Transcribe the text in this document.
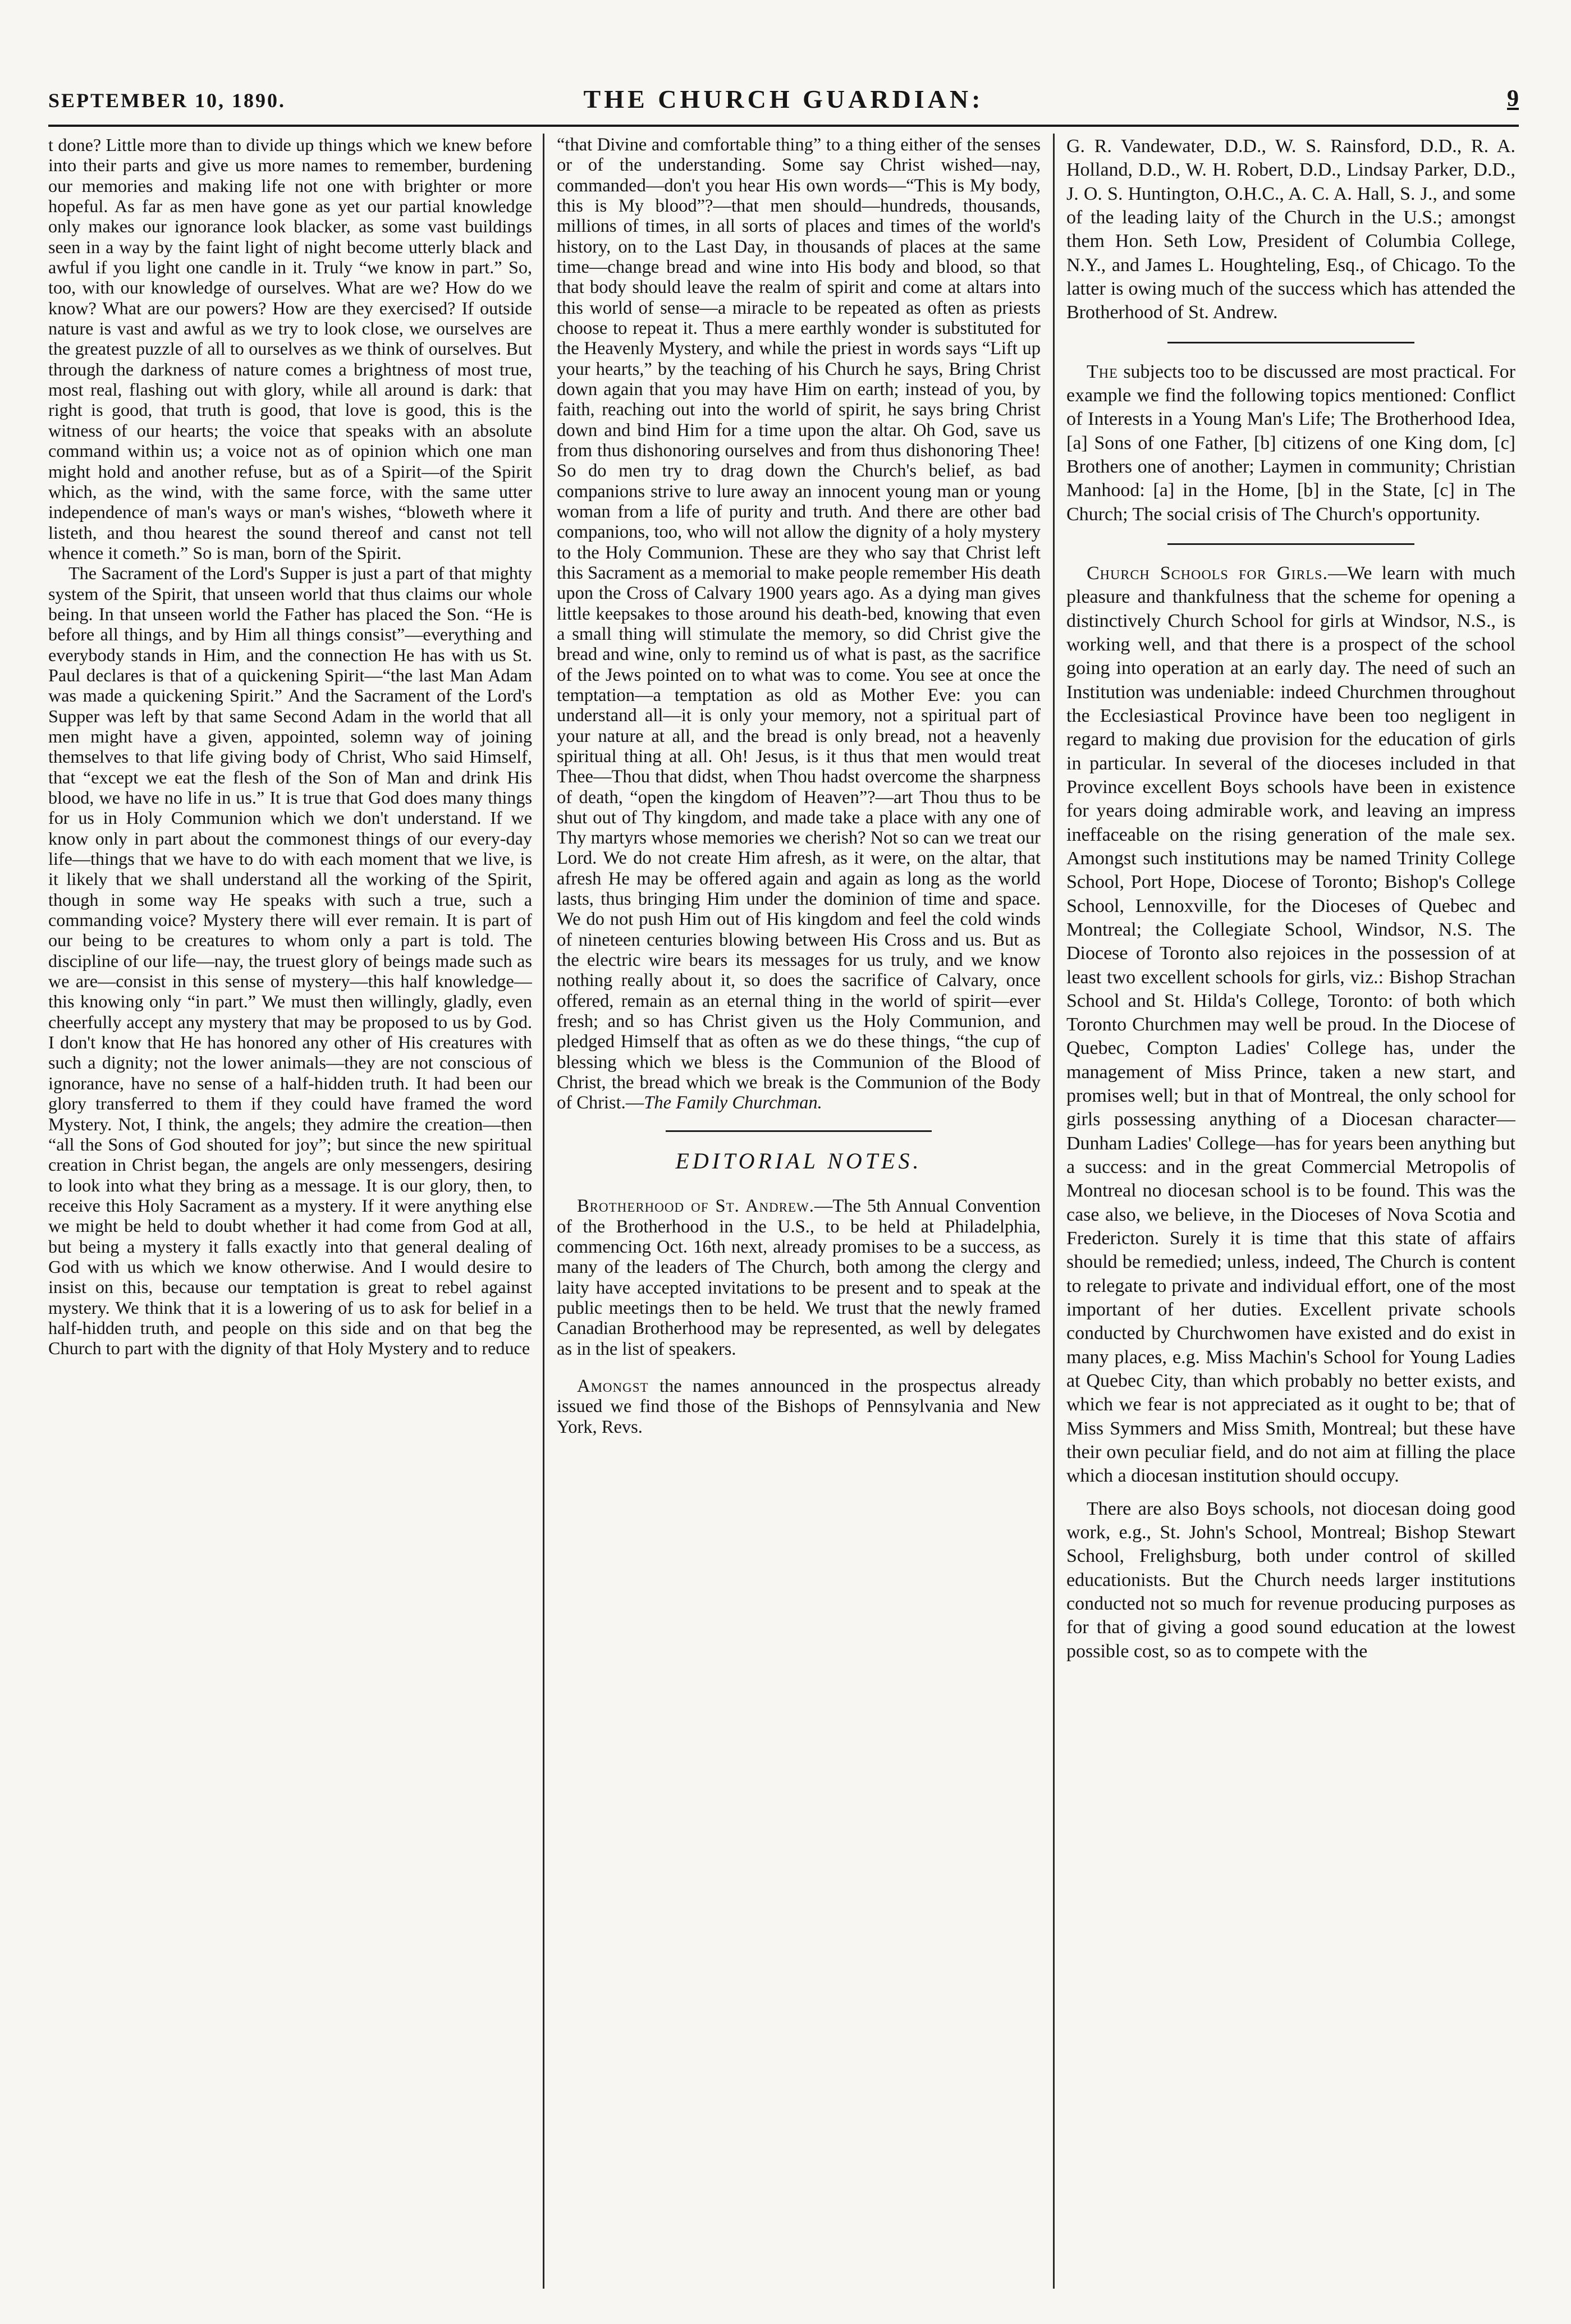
SEPTEMBER 10, 1890.	THE CHURCH GUARDIAN:	9

t done? Little more than to divide up things which we knew before into their parts and give us more names to remember, burdening our memories and making life not one with brighter or more hopeful. As far as men have gone as yet our partial knowledge only makes our ignorance look blacker, as some vast buildings seen in a way by the faint light of night become utterly black and awful if you light one candle in it. Truly “we know in part.” So, too, with our knowledge of ourselves. What are we? How do we know? What are our powers? How are they exercised? If outside nature is vast and awful as we try to look close, we ourselves are the greatest puzzle of all to ourselves as we think of ourselves. But through the darkness of nature comes a brightness of most true, most real, flashing out with glory, while all around is dark: that right is good, that truth is good, that love is good, this is the witness of our hearts; the voice that speaks with an absolute command within us; a voice not as of opinion which one man might hold and another refuse, but as of a Spirit—of the Spirit which, as the wind, with the same force, with the same utter independence of man's ways or man's wishes, “bloweth where it listeth, and thou hearest the sound thereof and canst not tell whence it cometh.” So is man, born of the Spirit.

The Sacrament of the Lord's Supper is just a part of that mighty system of the Spirit, that unseen world that thus claims our whole being. In that unseen world the Father has placed the Son. “He is before all things, and by Him all things consist”—everything and everybody stands in Him, and the connection He has with us St. Paul declares is that of a quickening Spirit—“the last Man Adam was made a quickening Spirit.” And the Sacrament of the Lord's Supper was left by that same Second Adam in the world that all men might have a given, appointed, solemn way of joining themselves to that life giving body of Christ, Who said Himself, that “except we eat the flesh of the Son of Man and drink His blood, we have no life in us.” It is true that God does many things for us in Holy Communion which we don't understand. If we know only in part about the commonest things of our every-day life—things that we have to do with each moment that we live, is it likely that we shall understand all the working of the Spirit, though in some way He speaks with such a true, such a commanding voice? Mystery there will ever remain. It is part of our being to be creatures to whom only a part is told. The discipline of our life—nay, the truest glory of beings made such as we are—consist in this sense of mystery—this half knowledge—this knowing only “in part.” We must then willingly, gladly, even cheerfully accept any mystery that may be proposed to us by God. I don't know that He has honored any other of His creatures with such a dignity; not the lower animals—they are not conscious of ignorance, have no sense of a half-hidden truth. It had been our glory transferred to them if they could have framed the word Mystery. Not, I think, the angels; they admire the creation—then “all the Sons of God shouted for joy”; but since the new spiritual creation in Christ began, the angels are only messengers, desiring to look into what they bring as a message. It is our glory, then, to receive this Holy Sacrament as a mystery. If it were anything else we might be held to doubt whether it had come from God at all, but being a mystery it falls exactly into that general dealing of God with us which we know otherwise. And I would desire to insist on this, because our temptation is great to rebel against mystery. We think that it is a lowering of us to ask for belief in a half-hidden truth, and people on this side and on that beg the Church to part with the dignity of that Holy Mystery and to reduce

“that Divine and comfortable thing” to a thing either of the senses or of the understanding. Some say Christ wished—nay, commanded—don't you hear His own words—“This is My body, this is My blood”?—that men should—hundreds, thousands, millions of times, in all sorts of places and times of the world's history, on to the Last Day, in thousands of places at the same time—change bread and wine into His body and blood, so that that body should leave the realm of spirit and come at altars into this world of sense—a miracle to be repeated as often as priests choose to repeat it. Thus a mere earthly wonder is substituted for the Heavenly Mystery, and while the priest in words says “Lift up your hearts,” by the teaching of his Church he says, Bring Christ down again that you may have Him on earth; instead of you, by faith, reaching out into the world of spirit, he says bring Christ down and bind Him for a time upon the altar. Oh God, save us from thus dishonoring ourselves and from thus dishonoring Thee! So do men try to drag down the Church's belief, as bad companions strive to lure away an innocent young man or young woman from a life of purity and truth. And there are other bad companions, too, who will not allow the dignity of a holy mystery to the Holy Communion. These are they who say that Christ left this Sacrament as a memorial to make people remember His death upon the Cross of Calvary 1900 years ago. As a dying man gives little keepsakes to those around his death-bed, knowing that even a small thing will stimulate the memory, so did Christ give the bread and wine, only to remind us of what is past, as the sacrifice of the Jews pointed on to what was to come. You see at once the temptation—a temptation as old as Mother Eve: you can understand all—it is only your memory, not a spiritual part of your nature at all, and the bread is only bread, not a heavenly spiritual thing at all. Oh! Jesus, is it thus that men would treat Thee—Thou that didst, when Thou hadst overcome the sharpness of death, “open the kingdom of Heaven”?—art Thou thus to be shut out of Thy kingdom, and made take a place with any one of Thy martyrs whose memories we cherish? Not so can we treat our Lord. We do not create Him afresh, as it were, on the altar, that afresh He may be offered again and again as long as the world lasts, thus bringing Him under the dominion of time and space. We do not push Him out of His kingdom and feel the cold winds of nineteen centuries blowing between His Cross and us. But as the electric wire bears its messages for us truly, and we know nothing really about it, so does the sacrifice of Calvary, once offered, remain as an eternal thing in the world of spirit—ever fresh; and so has Christ given us the Holy Communion, and pledged Himself that as often as we do these things, “the cup of blessing which we bless is the Communion of the Blood of Christ, the bread which we break is the Communion of the Body of Christ.—The Family Churchman.

EDITORIAL NOTES.

Brotherhood of St. Andrew.—The 5th Annual Convention of the Brotherhood in the U.S., to be held at Philadelphia, commencing Oct. 16th next, already promises to be a success, as many of the leaders of The Church, both among the clergy and laity have accepted invitations to be present and to speak at the public meetings then to be held. We trust that the newly framed Canadian Brotherhood may be represented, as well by delegates as in the list of speakers.

Amongst the names announced in the prospectus already issued we find those of the Bishops of Pennsylvania and New York, Revs.

G. R. Vandewater, D.D., W. S. Rainsford, D.D., R. A. Holland, D.D., W. H. Robert, D.D., Lindsay Parker, D.D., J. O. S. Huntington, O.H.C., A. C. A. Hall, S. J., and some of the leading laity of the Church in the U.S.; amongst them Hon. Seth Low, President of Columbia College, N.Y., and James L. Houghteling, Esq., of Chicago. To the latter is owing much of the success which has attended the Brotherhood of St. Andrew.

The subjects too to be discussed are most practical. For example we find the following topics mentioned: Conflict of Interests in a Young Man's Life; The Brotherhood Idea, [a] Sons of one Father, [b] citizens of one King dom, [c] Brothers one of another; Laymen in community; Christian Manhood: [a] in the Home, [b] in the State, [c] in The Church; The social crisis of The Church's opportunity.

Church Schools for Girls.—We learn with much pleasure and thankfulness that the scheme for opening a distinctively Church School for girls at Windsor, N.S., is working well, and that there is a prospect of the school going into operation at an early day. The need of such an Institution was undeniable: indeed Churchmen throughout the Ecclesiastical Province have been too negligent in regard to making due provision for the education of girls in particular. In several of the dioceses included in that Province excellent Boys schools have been in existence for years doing admirable work, and leaving an impress ineffaceable on the rising generation of the male sex. Amongst such institutions may be named Trinity College School, Port Hope, Diocese of Toronto; Bishop's College School, Lennoxville, for the Dioceses of Quebec and Montreal; the Collegiate School, Windsor, N.S. The Diocese of Toronto also rejoices in the possession of at least two excellent schools for girls, viz.: Bishop Strachan School and St. Hilda's College, Toronto: of both which Toronto Churchmen may well be proud. In the Diocese of Quebec, Compton Ladies' College has, under the management of Miss Prince, taken a new start, and promises well; but in that of Montreal, the only school for girls possessing anything of a Diocesan character—Dunham Ladies' College—has for years been anything but a success: and in the great Commercial Metropolis of Montreal no diocesan school is to be found. This was the case also, we believe, in the Dioceses of Nova Scotia and Fredericton. Surely it is time that this state of affairs should be remedied; unless, indeed, The Church is content to relegate to private and individual effort, one of the most important of her duties. Excellent private schools conducted by Churchwomen have existed and do exist in many places, e.g. Miss Machin's School for Young Ladies at Quebec City, than which probably no better exists, and which we fear is not appreciated as it ought to be; that of Miss Symmers and Miss Smith, Montreal; but these have their own peculiar field, and do not aim at filling the place which a diocesan institution should occupy.

There are also Boys schools, not diocesan doing good work, e.g., St. John's School, Montreal; Bishop Stewart School, Frelighsburg, both under control of skilled educationists. But the Church needs larger institutions conducted not so much for revenue producing purposes as for that of giving a good sound education at the lowest possible cost, so as to compete with the
